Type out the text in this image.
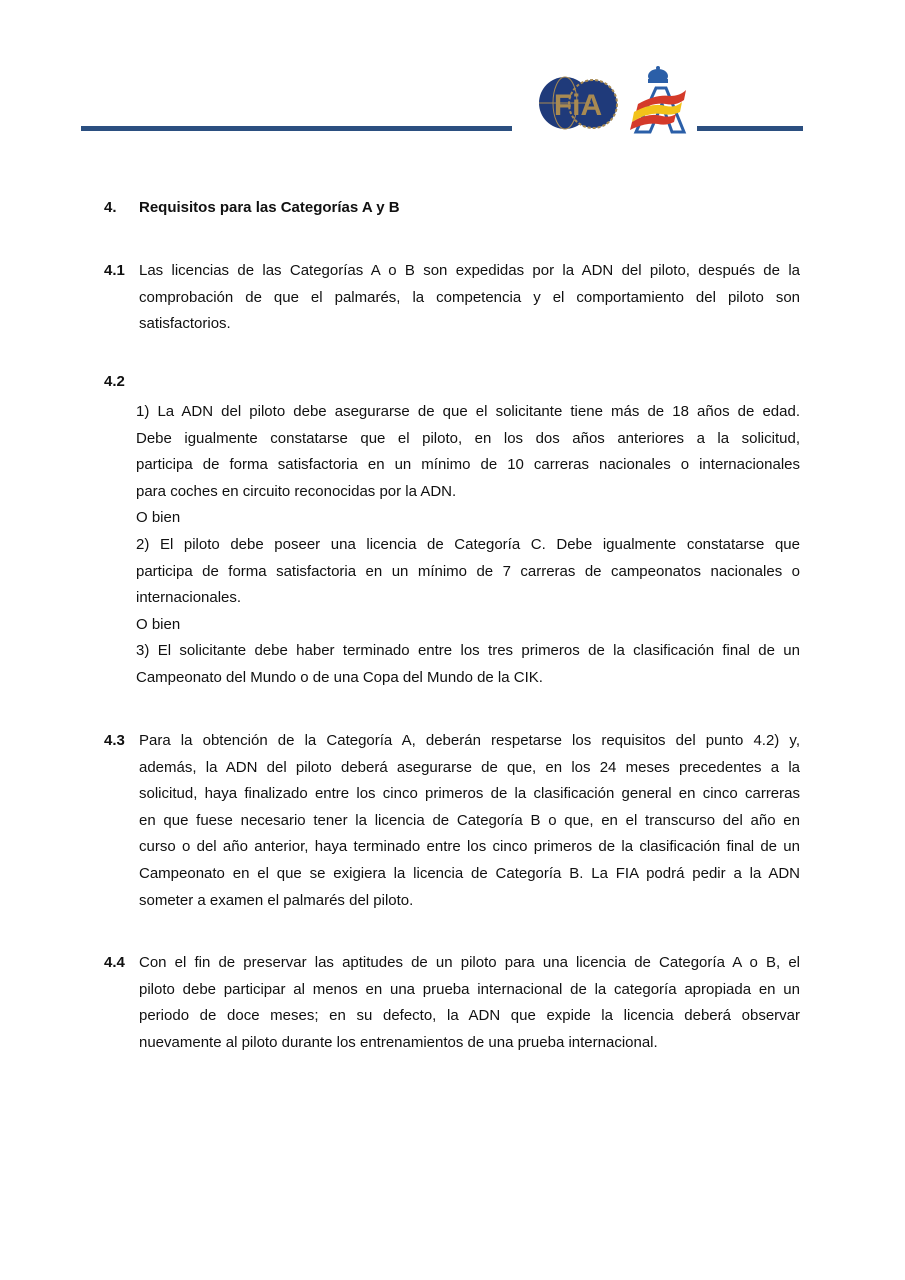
FiA
4. Requisitos para las Categorías A y B
4.1 Las licencias de las Categorías A o B son expedidas por la ADN del piloto, después de la
comprobación de que el palmarés, la competencia y el comportamiento del piloto son
satisfactorios.
4.2
1) La ADN del piloto debe asegurarse de que el solicitante tiene más de 18 años de edad.
Debe igualmente constatarse que el piloto, en los dos años anteriores a la solicitud,
participa de forma satisfactoria en un mínimo de 10 carreras nacionales o internacionales
para coches en circuito reconocidas por la ADN.
O bien
2) El piloto debe poseer una licencia de Categoría C. Debe igualmente constatarse que
participa de forma satisfactoria en un mínimo de 7 carreras de campeonatos nacionales o
internacionales.
O bien
3) El solicitante debe haber terminado entre los tres primeros de la clasificación final de un
Campeonato del Mundo o de una Copa del Mundo de la CIK.
4.3 Para la obtención de la Categoría A, deberán respetarse los requisitos del punto 4.2) y,
además, la ADN del piloto deberá asegurarse de que, en los 24 meses precedentes a la
solicitud, haya finalizado entre los cinco primeros de la clasificación general en cinco carreras
en que fuese necesario tener la licencia de Categoría B o que, en el transcurso del año en
curso o del año anterior, haya terminado entre los cinco primeros de la clasificación final de un
Campeonato en el que se exigiera la licencia de Categoría B. La FIA podrá pedir a la ADN
someter a examen el palmarés del piloto.
4.4 Con el fin de preservar las aptitudes de un piloto para una licencia de Categoría A o B, el
piloto debe participar al menos en una prueba internacional de la categoría apropiada en un
periodo de doce meses; en su defecto, la ADN que expide la licencia deberá observar
nuevamente al piloto durante los entrenamientos de una prueba internacional.
